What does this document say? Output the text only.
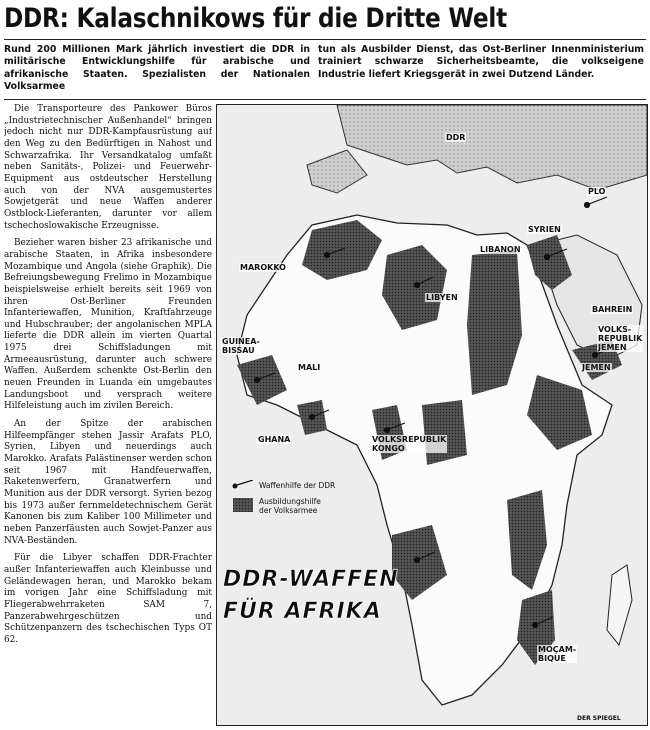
DDR: Kalaschnikows für die Dritte Welt
Rund 200 Millionen Mark jährlich investiert die DDR in militärische Entwicklungshilfe für arabische und afrikanische Staaten. Spezialisten der Nationalen Volksarmee
tun als Ausbilder Dienst, das Ost-Berliner Innenministerium trainiert schwarze Sicherheitsbeamte, die volkseigene Industrie liefert Kriegsgerät in zwei Dutzend Länder.

Die Transporteure des Pankower Büros „Industrietechnischer Außenhandel“ bringen jedoch nicht nur DDR-Kampfausrüstung auf den Weg zu den Bedürftigen in Nahost und Schwarzafrika. Ihr Versandkatalog umfaßt neben Sanitäts-, Polizei- und Feuerwehr-Equipment aus ostdeutscher Herstellung auch von der NVA ausgemustertes Sowjetgerät und neue Waffen anderer Ostblock-Lieferanten, darunter vor allem tschechoslowakische Erzeugnisse.

Bezieher waren bisher 23 afrikanische und arabische Staaten, in Afrika insbesondere Mozambique und Angola (siehe Graphik). Die Befreiungsbewegung Frelimo in Mozambique beispielsweise erhielt bereits seit 1969 von ihren Ost-Berliner Freunden Infanteriewaffen, Munition, Kraftfahrzeuge und Hubschrauber; der angolanischen MPLA lieferte die DDR allein im vierten Quartal 1975 drei Schiffsladungen mit Armeeausrüstung, darunter auch schwere Waffen. Außerdem schenkte Ost-Berlin den neuen Freunden in Luanda ein umgebautes Landungsboot und versprach weitere Hilfeleistung auch im zivilen Bereich.

An der Spitze der arabischen Hilfeempfänger stehen Jassir Arafats PLO, Syrien, Libyen und neuerdings auch Marokko. Arafats Palästinenser werden schon seit 1967 mit Handfeuerwaffen, Raketenwerfern, Granatwerfern und Munition aus der DDR versorgt. Syrien bezog bis 1973 außer fernmeldetechnischem Gerät Kanonen bis zum Kaliber 100 Millimeter und neben Panzerfäusten auch Sowjet-Panzer aus NVA-Beständen.

Für die Libyer schaffen DDR-Frachter außer Infanteriewaffen auch Kleinbusse und Geländewagen heran, und Marokko bekam im vorigen Jahr eine Schiffsladung mit Fliegerabwehrraketen SAM 7, Panzerabwehrgeschützen und Schützenpanzern des tschechischen Typs OT 62.

DDR
PLO
SYRIEN
LIBANON
MAROKKO
LIBYEN
BAHREIN
VOLKS-
REPUBLIK
JEMEN
JEMEN
GUINEA-
BISSAU
MALI
GHANA	VOLKSREPUBLIK
KONGO
MOÇAM-
BIQUE
Waffenhilfe der DDR
Ausbildungshilfe
der Volksarmee
DDR-WAFFEN
FÜR AFRIKA
DER SPIEGEL
